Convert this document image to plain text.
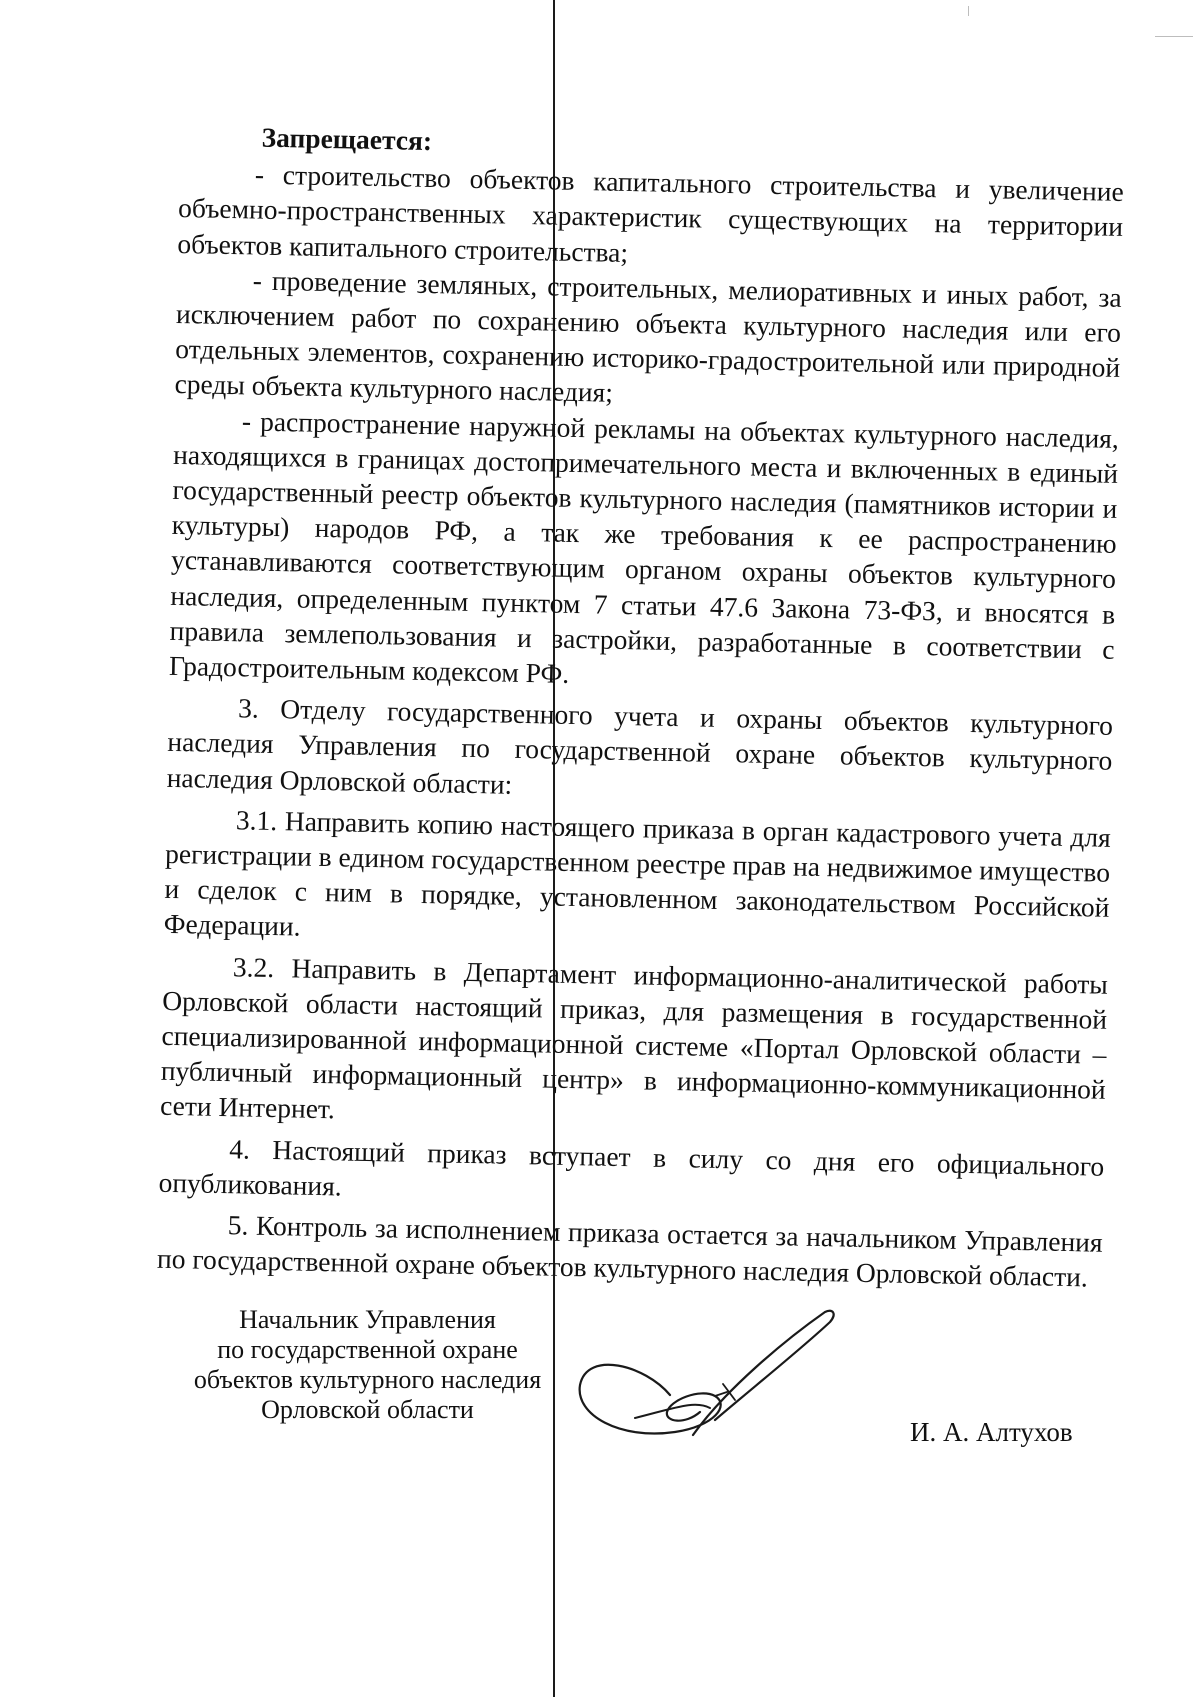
Запрещается:

- строительство объектов капитального строительства и увеличение объемно-пространственных характеристик существующих на территории объектов капитального строительства;

- проведение земляных, строительных, мелиоративных и иных работ, за исключением работ по сохранению объекта культурного наследия или его отдельных элементов, сохранению историко-градостроительной или природной среды объекта культурного наследия;

- распространение наружной рекламы на объектах культурного наследия, находящихся в границах достопримечательного места и включенных в единый государственный реестр объектов культурного наследия (памятников истории и культуры) народов РФ, а так же требования к ее распространению устанавливаются соответствующим органом охраны объектов культурного наследия, определенным пунктом 7 статьи 47.6 Закона 73-ФЗ, и вносятся в правила землепользования и застройки, разработанные в соответствии с Градостроительным кодексом РФ.

3. Отделу государственного учета и охраны объектов культурного наследия Управления по государственной охране объектов культурного наследия Орловской области:

3.1. Направить копию настоящего приказа в орган кадастрового учета для регистрации в едином государственном реестре прав на недвижимое имущество и сделок с ним в порядке, установленном законодательством Российской Федерации.

3.2. Направить в Департамент информационно-аналитической работы Орловской области настоящий приказ, для размещения в государственной специализированной информационной системе «Портал Орловской области – публичный информационный центр» в информационно-коммуникационной сети Интернет.

4. Настоящий приказ вступает в силу со дня его официального опубликования.

5. Контроль за исполнением приказа остается за начальником Управления по государственной охране объектов культурного наследия Орловской области.

Начальник Управления
по государственной охране
объектов культурного наследия
Орловской области
И. А. Алтухов
